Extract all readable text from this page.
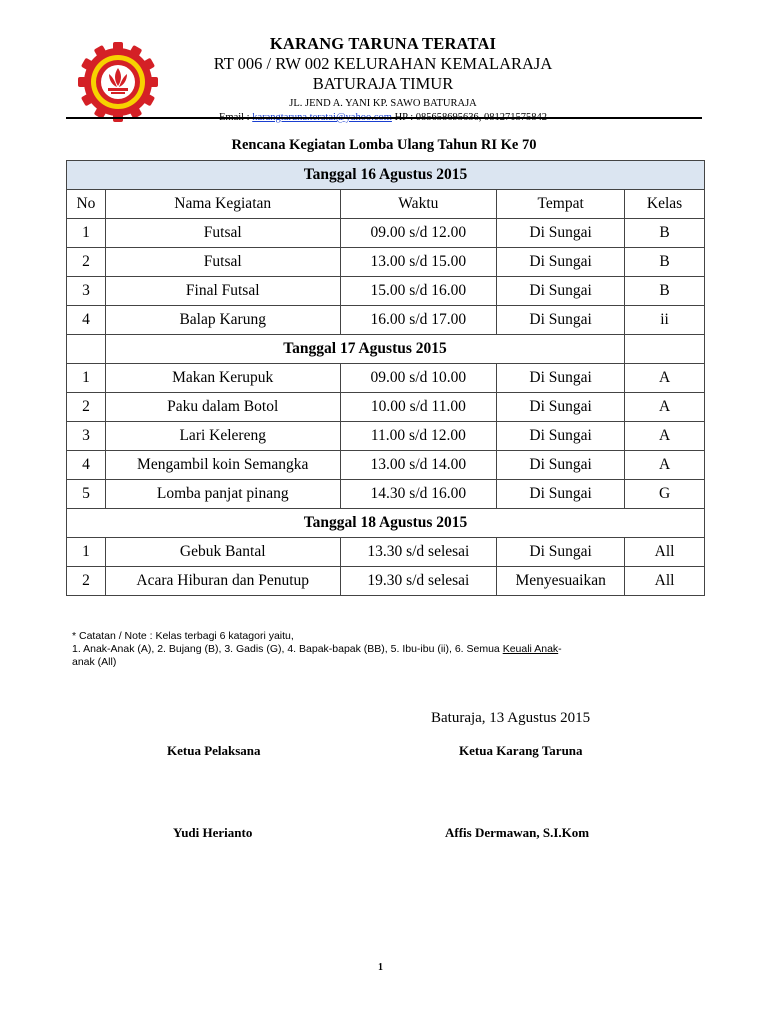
KARANG TARUNA TERATAI
RT 006 / RW 002 KELURAHAN KEMALARAJA
BATURAJA TIMUR
JL. JEND A. YANI KP. SAWO BATURAJA
Rencana Kegiatan Lomba Ulang Tahun RI Ke 70
Tanggal 16 Agustus 2015				
No	Nama Kegiatan	Waktu	Tempat	Kelas
1	Futsal	09.00 s/d 12.00	Di Sungai	B
2	Futsal	13.00 s/d 15.00	Di Sungai	B
3	Final Futsal	15.00 s/d 16.00	Di Sungai	B
4	Balap Karung	16.00 s/d 17.00	Di Sungai	ii
	Tanggal 17 Agustus 2015			
1	Makan Kerupuk	09.00 s/d 10.00	Di Sungai	A
2	Paku dalam Botol	10.00 s/d 11.00	Di Sungai	A
3	Lari Kelereng	11.00 s/d 12.00	Di Sungai	A
4	Mengambil koin Semangka	13.00 s/d 14.00	Di Sungai	A
5	Lomba panjat pinang	14.30 s/d 16.00	Di Sungai	G
Tanggal 18 Agustus 2015				
1	Gebuk Bantal	13.30 s/d selesai	Di Sungai	All
2	Acara Hiburan dan Penutup	19.30 s/d selesai	Menyesuaikan	All
* Catatan / Note : Kelas terbagi 6 katagori yaitu,
1. Anak-Anak (A), 2. Bujang (B), 3. Gadis (G), 4. Bapak-bapak (BB), 5. Ibu-ibu (ii), 6. Semua Keuali Anak-
anak (All)
Baturaja, 13 Agustus 2015
Ketua Pelaksana	Ketua Karang Taruna
Yudi Herianto	Affis Dermawan, S.I.Kom
1
